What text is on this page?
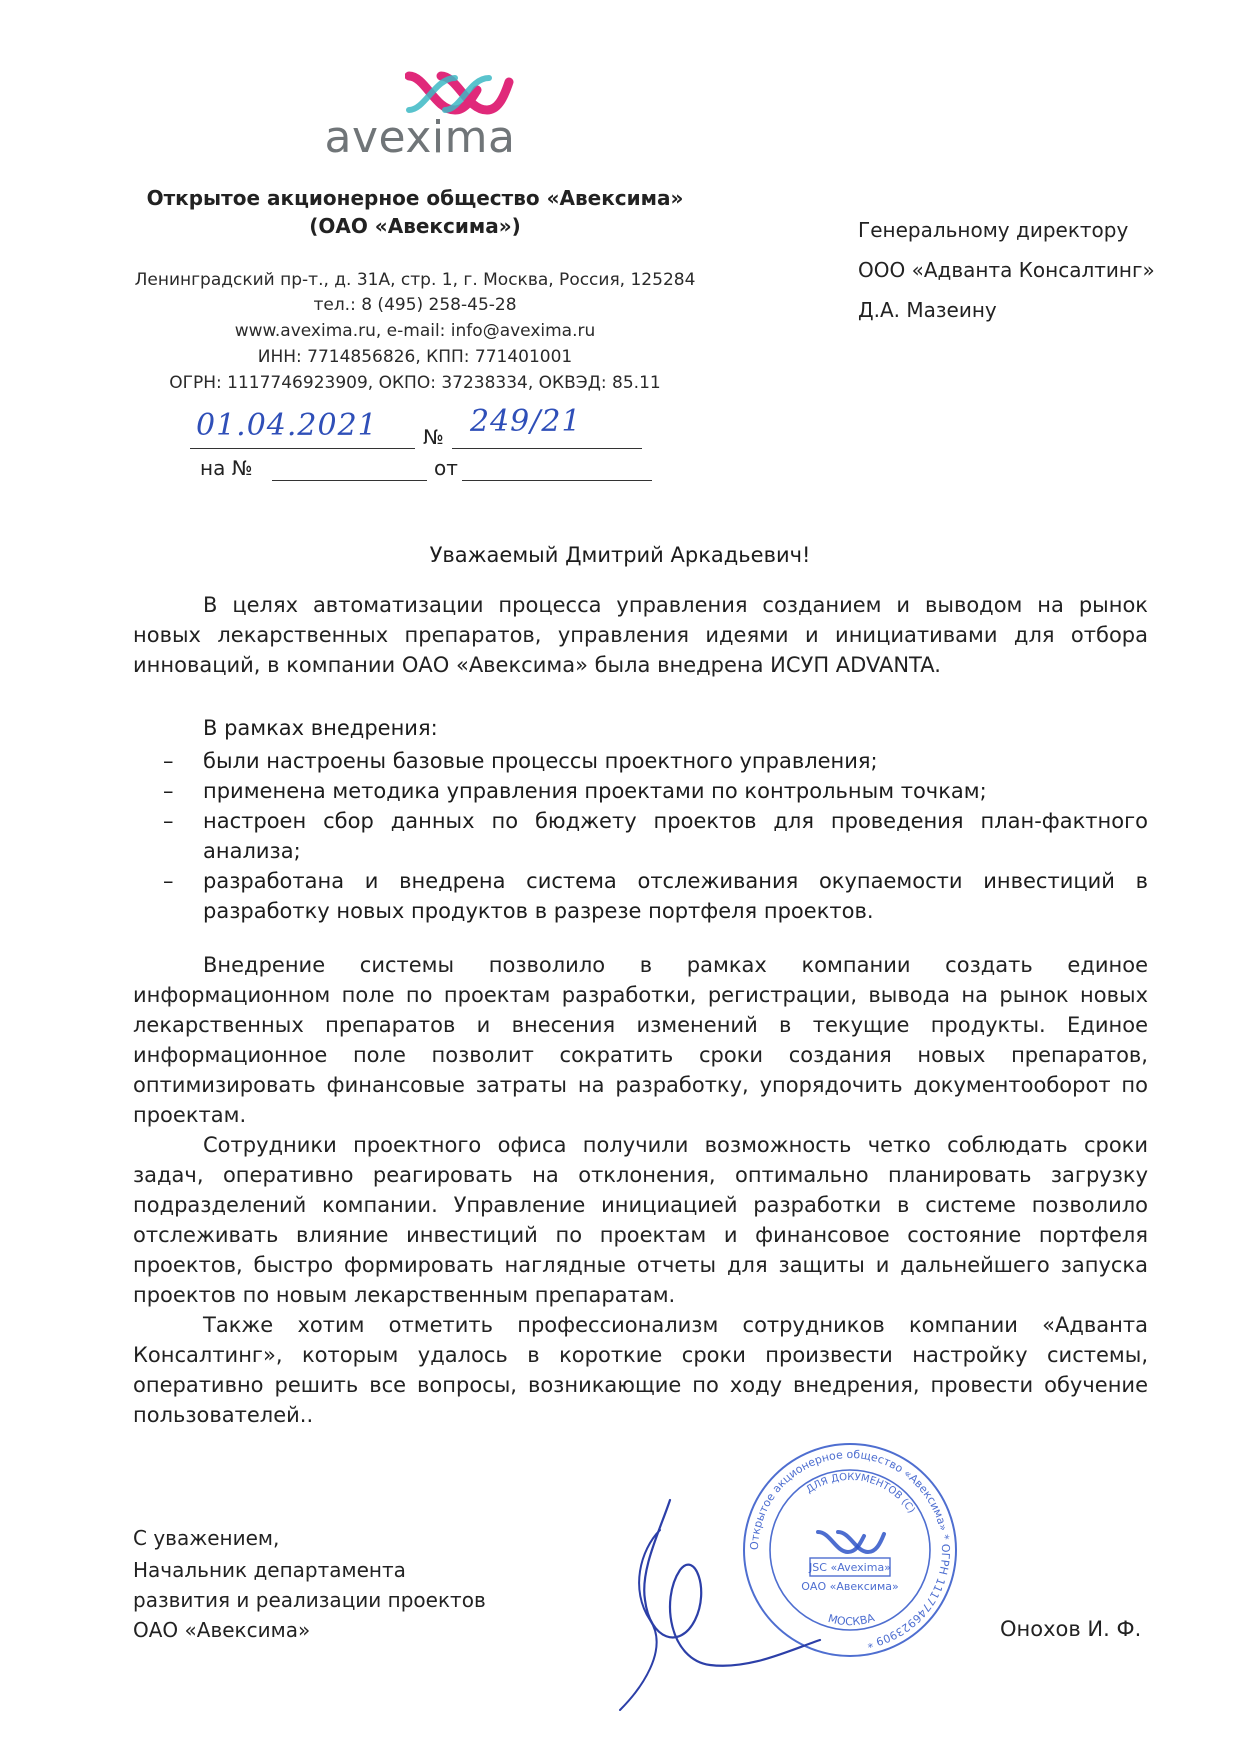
avexima
Открытое акционерное общество «Авексима»
(ОАО «Авексима»)
Ленинградский пр-т., д. 31А, стр. 1, г. Москва, Россия, 125284
тел.: 8 (495) 258-45-28
www.avexima.ru, e-mail: info@avexima.ru
ИНН: 7714856826, КПП: 771401001
ОГРН: 1117746923909, ОКПО: 37238334, ОКВЭД: 85.11
Генеральному директору
ООО «Адванта Консалтинг»
Д.А. Мазеину
01.04.2021 № 249/21
на №	от
Уважаемый Дмитрий Аркадьевич!
В целях автоматизации процесса управления созданием и выводом на рынок новых лекарственных препаратов, управления идеями и инициативами для отбора инноваций, в компании ОАО «Авексима» была внедрена ИСУП ADVANTA.
В рамках внедрения:
– были настроены базовые процессы проектного управления;
– применена методика управления проектами по контрольным точкам;
– настроен сбор данных по бюджету проектов для проведения план-фактного анализа;
– разработана и внедрена система отслеживания окупаемости инвестиций в разработку новых продуктов в разрезе портфеля проектов.
Внедрение системы позволило в рамках компании создать единое информационном поле по проектам разработки, регистрации, вывода на рынок новых лекарственных препаратов и внесения изменений в текущие продукты. Единое информационное поле позволит сократить сроки создания новых препаратов, оптимизировать финансовые затраты на разработку, упорядочить документооборот по проектам.
Сотрудники проектного офиса получили возможность четко соблюдать сроки задач, оперативно реагировать на отклонения, оптимально планировать загрузку подразделений компании. Управление инициацией разработки в системе позволило отслеживать влияние инвестиций по проектам и финансовое состояние портфеля проектов, быстро формировать наглядные отчеты для защиты и дальнейшего запуска проектов по новым лекарственным препаратам.
Также хотим отметить профессионализм сотрудников компании «Адванта Консалтинг», которым удалось в короткие сроки произвести настройку системы, оперативно решить все вопросы, возникающие по ходу внедрения, провести обучение пользователей..
Открытое акционерное общество «Авексима» * ОГРН 1117746923909 *
ДЛЯ ДОКУМЕНТОВ (С)
МОСКВА
JSC «Avexima»
ОАО «Авексима»
С уважением,
Начальник департамента
развития и реализации проектов
ОАО «Авексима»	Онохов И. Ф.
